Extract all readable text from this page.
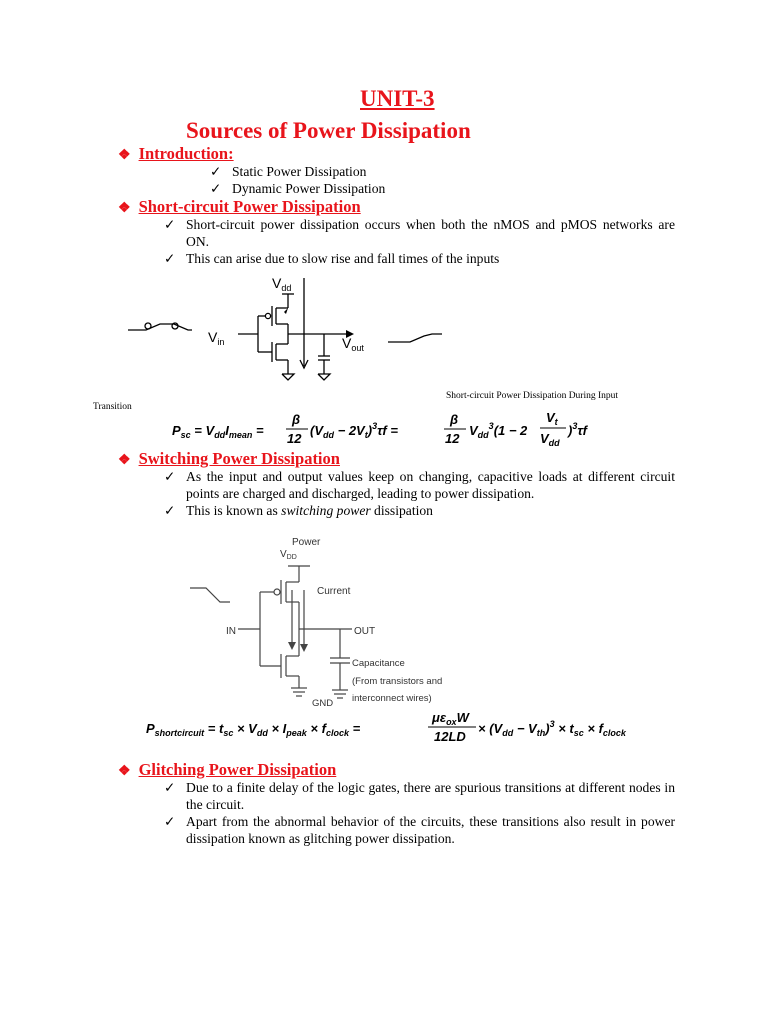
UNIT-3
Sources of Power Dissipation
❖ Introduction:
✓ Static Power Dissipation
✓ Dynamic Power Dissipation
❖ Short-circuit Power Dissipation
✓ Short-circuit power dissipation occurs when both the nMOS and pMOS networks are ON.
✓ This can arise due to slow rise and fall times of the inputs
$V_{dd}$
$V_{in}$	$V_{out}$
Short-circuit Power Dissipation During Input
Transition
$P_{sc} = V_{dd}I_{mean}$ =
β
12
$(V_{dd} - 2V_t)^3\tau f$ =
β
12
$V_{dd}^3(1 - 2$
$V_t$
$V_{dd}$
)$^3$τf
❖ Switching Power Dissipation
✓ As the input and output values keep on changing, capacitive loads at different circuit points are charged and discharged, leading to power dissipation.
✓ This is known as switching power dissipation
Power
$V_{DD}$
Current
IN	OUT
Capacitance
(From transistors and
interconnect wires)
GND
$P_{shortcircuit} = t_{sc} \times V_{dd} \times I_{peak} \times f_{clock}$ =
$\mu\varepsilon_{ox}W$
12LD
× $(V_{dd} - V_{th})^3 \times t_{sc} \times f_{clock}$
❖ Glitching Power Dissipation
✓ Due to a finite delay of the logic gates, there are spurious transitions at different nodes in the circuit.
✓ Apart from the abnormal behavior of the circuits, these transitions also result in power dissipation known as glitching power dissipation.
